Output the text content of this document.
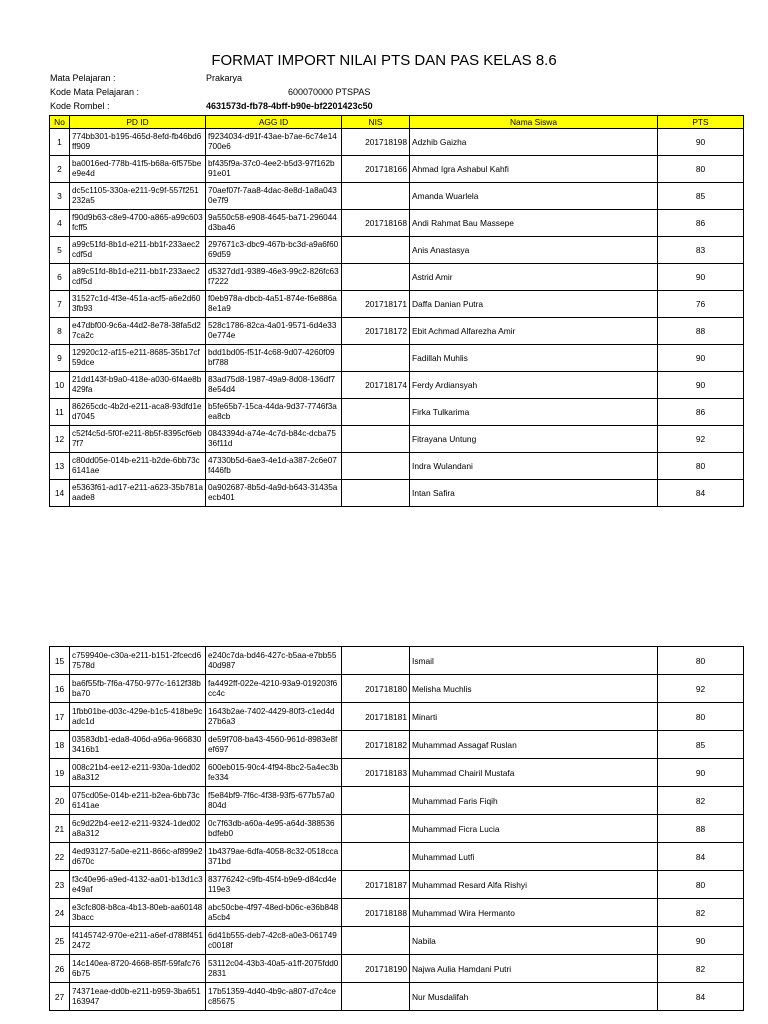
FORMAT IMPORT NILAI PTS DAN PAS KELAS 8.6
Mata Pelajaran :	Prakarya
Kode Mata Pelajaran :	600070000 PTSPAS
Kode Rombel :	4631573d-fb78-4bff-b90e-bf2201423c50
No	PD ID	AGG ID	NIS	Nama Siswa	PTS
1	774bb301-b195-465d-8efd-fb46bd6ff909	f9234034-d91f-43ae-b7ae-6c74e14700e6	201718198	Adzhib Gaizha	90
2	ba0016ed-778b-41f5-b68a-6f575bee9e4d	bf435f9a-37c0-4ee2-b5d3-97f162b91e01	201718166	Ahmad Igra Ashabul Kahfi	80
3	dc5c1105-330a-e211-9c9f-557f251232a5	70aef07f-7aa8-4dac-8e8d-1a8a0430e7f9		Amanda Wuarlela	85
4	f90d9b63-c8e9-4700-a865-a99c603fcff5	9a550c58-e908-4645-ba71-296044d3ba46	201718168	Andi Rahmat Bau Massepe	86
5	a99c51fd-8b1d-e211-bb1f-233aec2cdf5d	297671c3-dbc9-467b-bc3d-a9a6f6069d59		Anis Anastasya	83
6	a89c51fd-8b1d-e211-bb1f-233aec2cdf5d	d5327dd1-9389-46e3-99c2-826fc63f7222		Astrid Amir	90
7	31527c1d-4f3e-451a-acf5-a6e2d603fb93	f0eb978a-dbcb-4a51-874e-f6e886a8e1a9	201718171	Daffa Danian Putra	76
8	e47dbf00-9c6a-44d2-8e78-38fa5d27ca2c	528c1786-82ca-4a01-9571-6d4e330e774e	201718172	Ebit Achmad Alfarezha Amir	88
9	12920c12-af15-e211-8685-35b17cf59dce	bdd1bd05-f51f-4c68-9d07-4260f09bf788		Fadillah Muhlis	90
10	21dd143f-b9a0-418e-a030-6f4ae8b429fa	83ad75d8-1987-49a9-8d08-136df78e54d4	201718174	Ferdy Ardiansyah	90
11	86265cdc-4b2d-e211-aca8-93dfd1ed7045	b5fe65b7-15ca-44da-9d37-7746f3aea8cb		Firka Tulkarima	86
12	c52f4c5d-5f0f-e211-8b5f-8395cf6eb7f7	0843394d-a74e-4c7d-b84c-dcba7536f11d		Fitrayana Untung	92
13	c80dd05e-014b-e211-b2de-6bb73c6141ae	47330b5d-6ae3-4e1d-a387-2c6e07f446fb		Indra Wulandani	80
14	e5363f61-ad17-e211-a623-35b781aaade8	0a902687-8b5d-4a9d-b643-31435aecb401		Intan Safira	84
15	c759940e-c30a-e211-b151-2fcecd67578d	e240c7da-bd46-427c-b5aa-e7bb5540d987		Ismail	80
16	ba6f55fb-7f6a-4750-977c-1612f38bba70	fa4492ff-022e-4210-93a9-019203f6cc4c	201718180	Melisha Muchlis	92
17	1fbb01be-d03c-429e-b1c5-418be9cadc1d	1643b2ae-7402-4429-80f3-c1ed4d27b6a3	201718181	Minarti	80
18	03583db1-eda8-406d-a96a-9668303416b1	de59f708-ba43-4560-961d-8983e8fef697	201718182	Muhammad Assagaf Ruslan	85
19	008c21b4-ee12-e211-930a-1ded02a8a312	600eb015-90c4-4f94-8bc2-5a4ec3bfe334	201718183	Muhammad Chairil Mustafa	90
20	075cd05e-014b-e211-b2ea-6bb73c6141ae	f5e84bf9-7f6c-4f38-93f5-677b57a0804d		Muhammad Faris Fiqih	82
21	6c9d22b4-ee12-e211-9324-1ded02a8a312	0c7f63db-a60a-4e95-a64d-388536bdfeb0		Muhammad Ficra Lucia	88
22	4ed93127-5a0e-e211-866c-af899e2d670c	1b4379ae-6dfa-4058-8c32-0518cca371bd		Muhammad Lutfi	84
23	f3c40e96-a9ed-4132-aa01-b13d1c3e49af	83776242-c9fb-45f4-b9e9-d84cd4e119e3	201718187	Muhammad Resard Alfa Rishyi	80
24	e3cfc808-b8ca-4b13-80eb-aa601483bacc	abc50cbe-4f97-48ed-b06c-e36b848a5cb4	201718188	Muhammad Wira Hermanto	82
25	f4145742-970e-e211-a6ef-d788f4512472	6d41b555-deb7-42c8-a0e3-061749c0018f		Nabila	90
26	14c140ea-8720-4668-85ff-59fafc766b75	53112c04-43b3-40a5-a1ff-2075fdd02831	201718190	Najwa Aulia Hamdani Putri	82
27	74371eae-dd0b-e211-b959-3ba651163947	17b51359-4d40-4b9c-a807-d7c4cec85675		Nur Musdalifah	84
